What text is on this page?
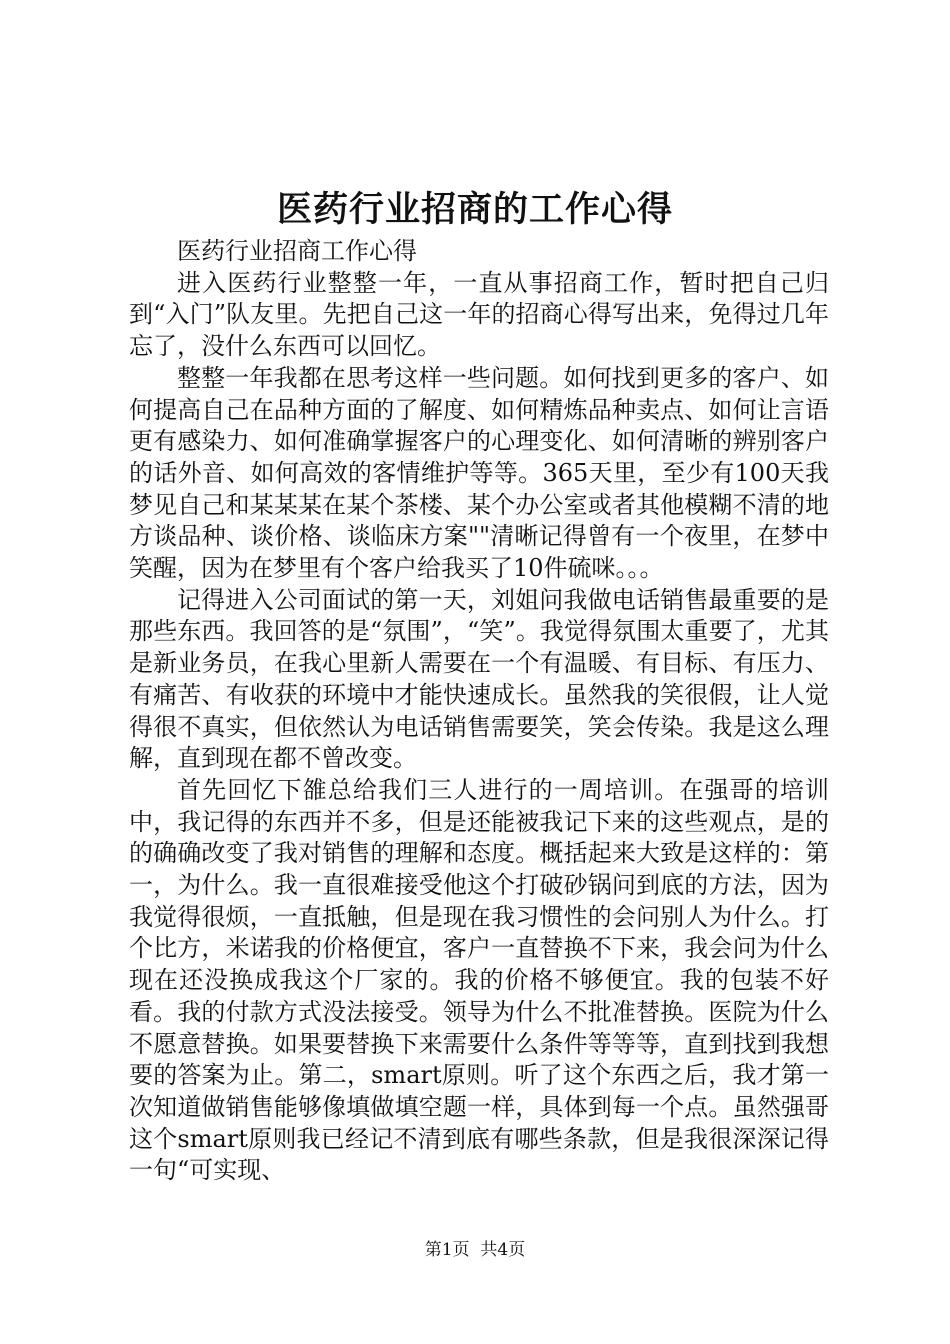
医药行业招商的工作心得

医药行业招商工作心得

进入医药行业整整一年，一直从事招商工作，暂时把自己归到“入门”队友里。先把自己这一年的招商心得写出来，免得过几年忘了，没什么东西可以回忆。

整整一年我都在思考这样一些问题。如何找到更多的客户、如何提高自己在品种方面的了解度、如何精炼品种卖点、如何让言语更有感染力、如何准确掌握客户的心理变化、如何清晰的辨别客户的话外音、如何高效的客情维护等等。365天里，至少有100天我梦见自己和某某某在某个茶楼、某个办公室或者其他模糊不清的地方谈品种、谈价格、谈临床方案""清晰记得曾有一个夜里，在梦中笑醒，因为在梦里有个客户给我买了10件硫咪。。。

记得进入公司面试的第一天，刘姐问我做电话销售最重要的是那些东西。我回答的是“氛围”，“笑”。我觉得氛围太重要了，尤其是新业务员，在我心里新人需要在一个有温暖、有目标、有压力、有痛苦、有收获的环境中才能快速成长。虽然我的笑很假，让人觉得很不真实，但依然认为电话销售需要笑，笑会传染。我是这么理解，直到现在都不曾改变。

首先回忆下雒总给我们三人进行的一周培训。在强哥的培训中，我记得的东西并不多，但是还能被我记下来的这些观点，是的的确确改变了我对销售的理解和态度。概括起来大致是这样的：第一，为什么。我一直很难接受他这个打破砂锅问到底的方法，因为我觉得很烦，一直抵触，但是现在我习惯性的会问别人为什么。打个比方，米诺我的价格便宜，客户一直替换不下来，我会问为什么现在还没换成我这个厂家的。我的价格不够便宜。我的包装不好看。我的付款方式没法接受。领导为什么不批准替换。医院为什么不愿意替换。如果要替换下来需要什么条件等等等，直到找到我想要的答案为止。第二，smart原则。听了这个东西之后，我才第一次知道做销售能够像填做填空题一样，具体到每一个点。虽然强哥这个smart原则我已经记不清到底有哪些条款，但是我很深深记得一句“可实现、

第1页 共4页
